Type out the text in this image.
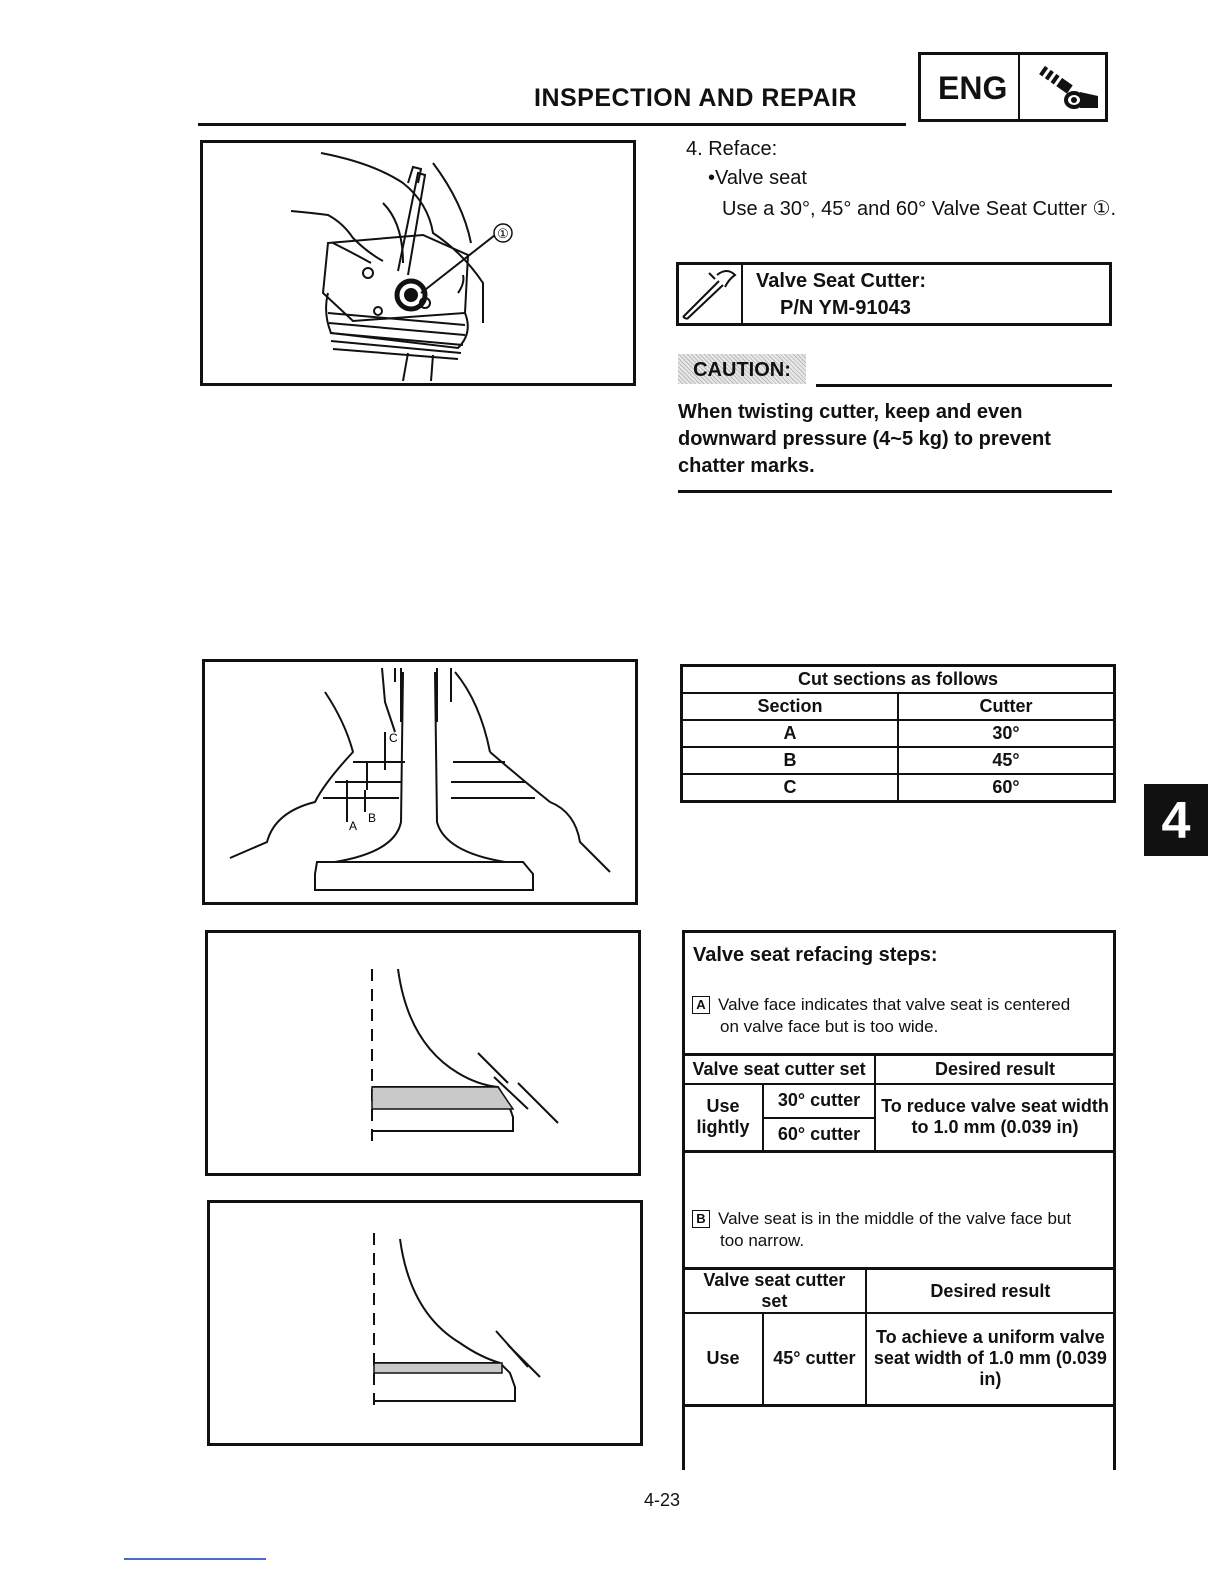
INSPECTION AND REPAIR	ENG
①
4. Reface:
•Valve seat
Use a 30°, 45° and 60° Valve Seat Cutter ①.
Valve Seat Cutter:
P/N YM-91043
CAUTION:
When twisting cutter, keep and even downward pressure (4~5 kg) to prevent chatter marks.
C
A
B
Cut sections as follows	
Section	Cutter
A	30°
B	45°
C	60°
4
Valve seat refacing steps:
A Valve face indicates that valve seat is centered
on valve face but is too wide.
Valve seat cutter set		Desired result
Use lightly	30° cutter	To reduce valve seat width to 1.0 mm (0.039 in)
	60° cutter	
B Valve seat is in the middle of the valve face but
too narrow.
Valve seat cutter set		Desired result
Use	45° cutter	To achieve a uniform valve seat width of 1.0 mm (0.039 in)
4-23
